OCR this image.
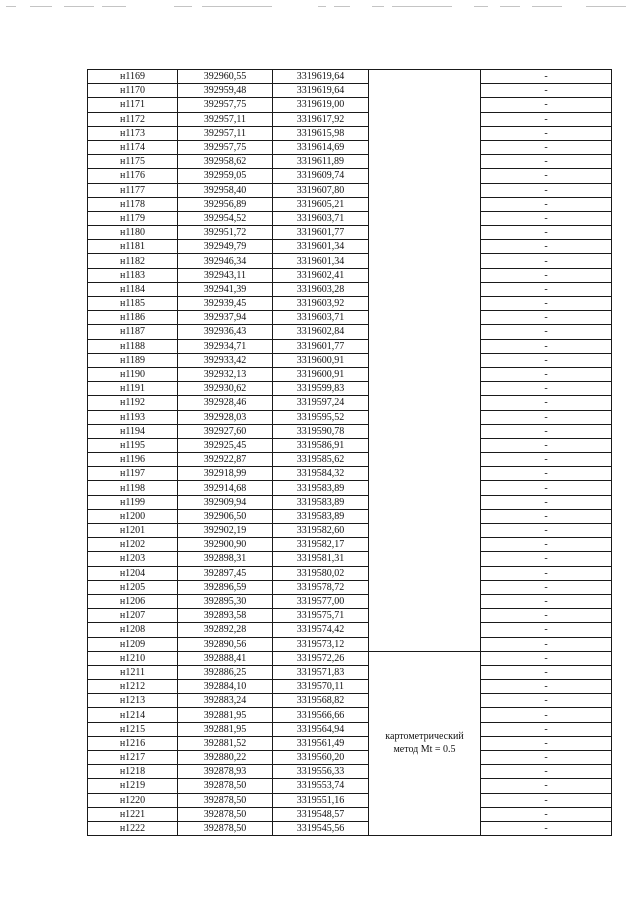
н1169	392960,55	3319619,64		-
н1170	392959,48	3319619,64		-
н1171	392957,75	3319619,00		-
н1172	392957,11	3319617,92		-
н1173	392957,11	3319615,98		-
н1174	392957,75	3319614,69		-
н1175	392958,62	3319611,89		-
н1176	392959,05	3319609,74		-
н1177	392958,40	3319607,80		-
н1178	392956,89	3319605,21		-
н1179	392954,52	3319603,71		-
н1180	392951,72	3319601,77		-
н1181	392949,79	3319601,34		-
н1182	392946,34	3319601,34		-
н1183	392943,11	3319602,41		-
н1184	392941,39	3319603,28		-
н1185	392939,45	3319603,92		-
н1186	392937,94	3319603,71		-
н1187	392936,43	3319602,84		-
н1188	392934,71	3319601,77		-
н1189	392933,42	3319600,91		-
н1190	392932,13	3319600,91		-
н1191	392930,62	3319599,83		-
н1192	392928,46	3319597,24		-
н1193	392928,03	3319595,52		-
н1194	392927,60	3319590,78		-
н1195	392925,45	3319586,91		-
н1196	392922,87	3319585,62		-
н1197	392918,99	3319584,32		-
н1198	392914,68	3319583,89		-
н1199	392909,94	3319583,89		-
н1200	392906,50	3319583,89		-
н1201	392902,19	3319582,60		-
н1202	392900,90	3319582,17		-
н1203	392898,31	3319581,31		-
н1204	392897,45	3319580,02		-
н1205	392896,59	3319578,72		-
н1206	392895,30	3319577,00		-
н1207	392893,58	3319575,71		-
н1208	392892,28	3319574,42		-
н1209	392890,56	3319573,12		-
н1210	392888,41	3319572,26	картометрический
метод Mt = 0.5	-
н1211	392886,25	3319571,83		-
н1212	392884,10	3319570,11		-
н1213	392883,24	3319568,82		-
н1214	392881,95	3319566,66		-
н1215	392881,95	3319564,94		-
н1216	392881,52	3319561,49		-
н1217	392880,22	3319560,20		-
н1218	392878,93	3319556,33		-
н1219	392878,50	3319553,74		-
н1220	392878,50	3319551,16		-
н1221	392878,50	3319548,57		-
н1222	392878,50	3319545,56		-
